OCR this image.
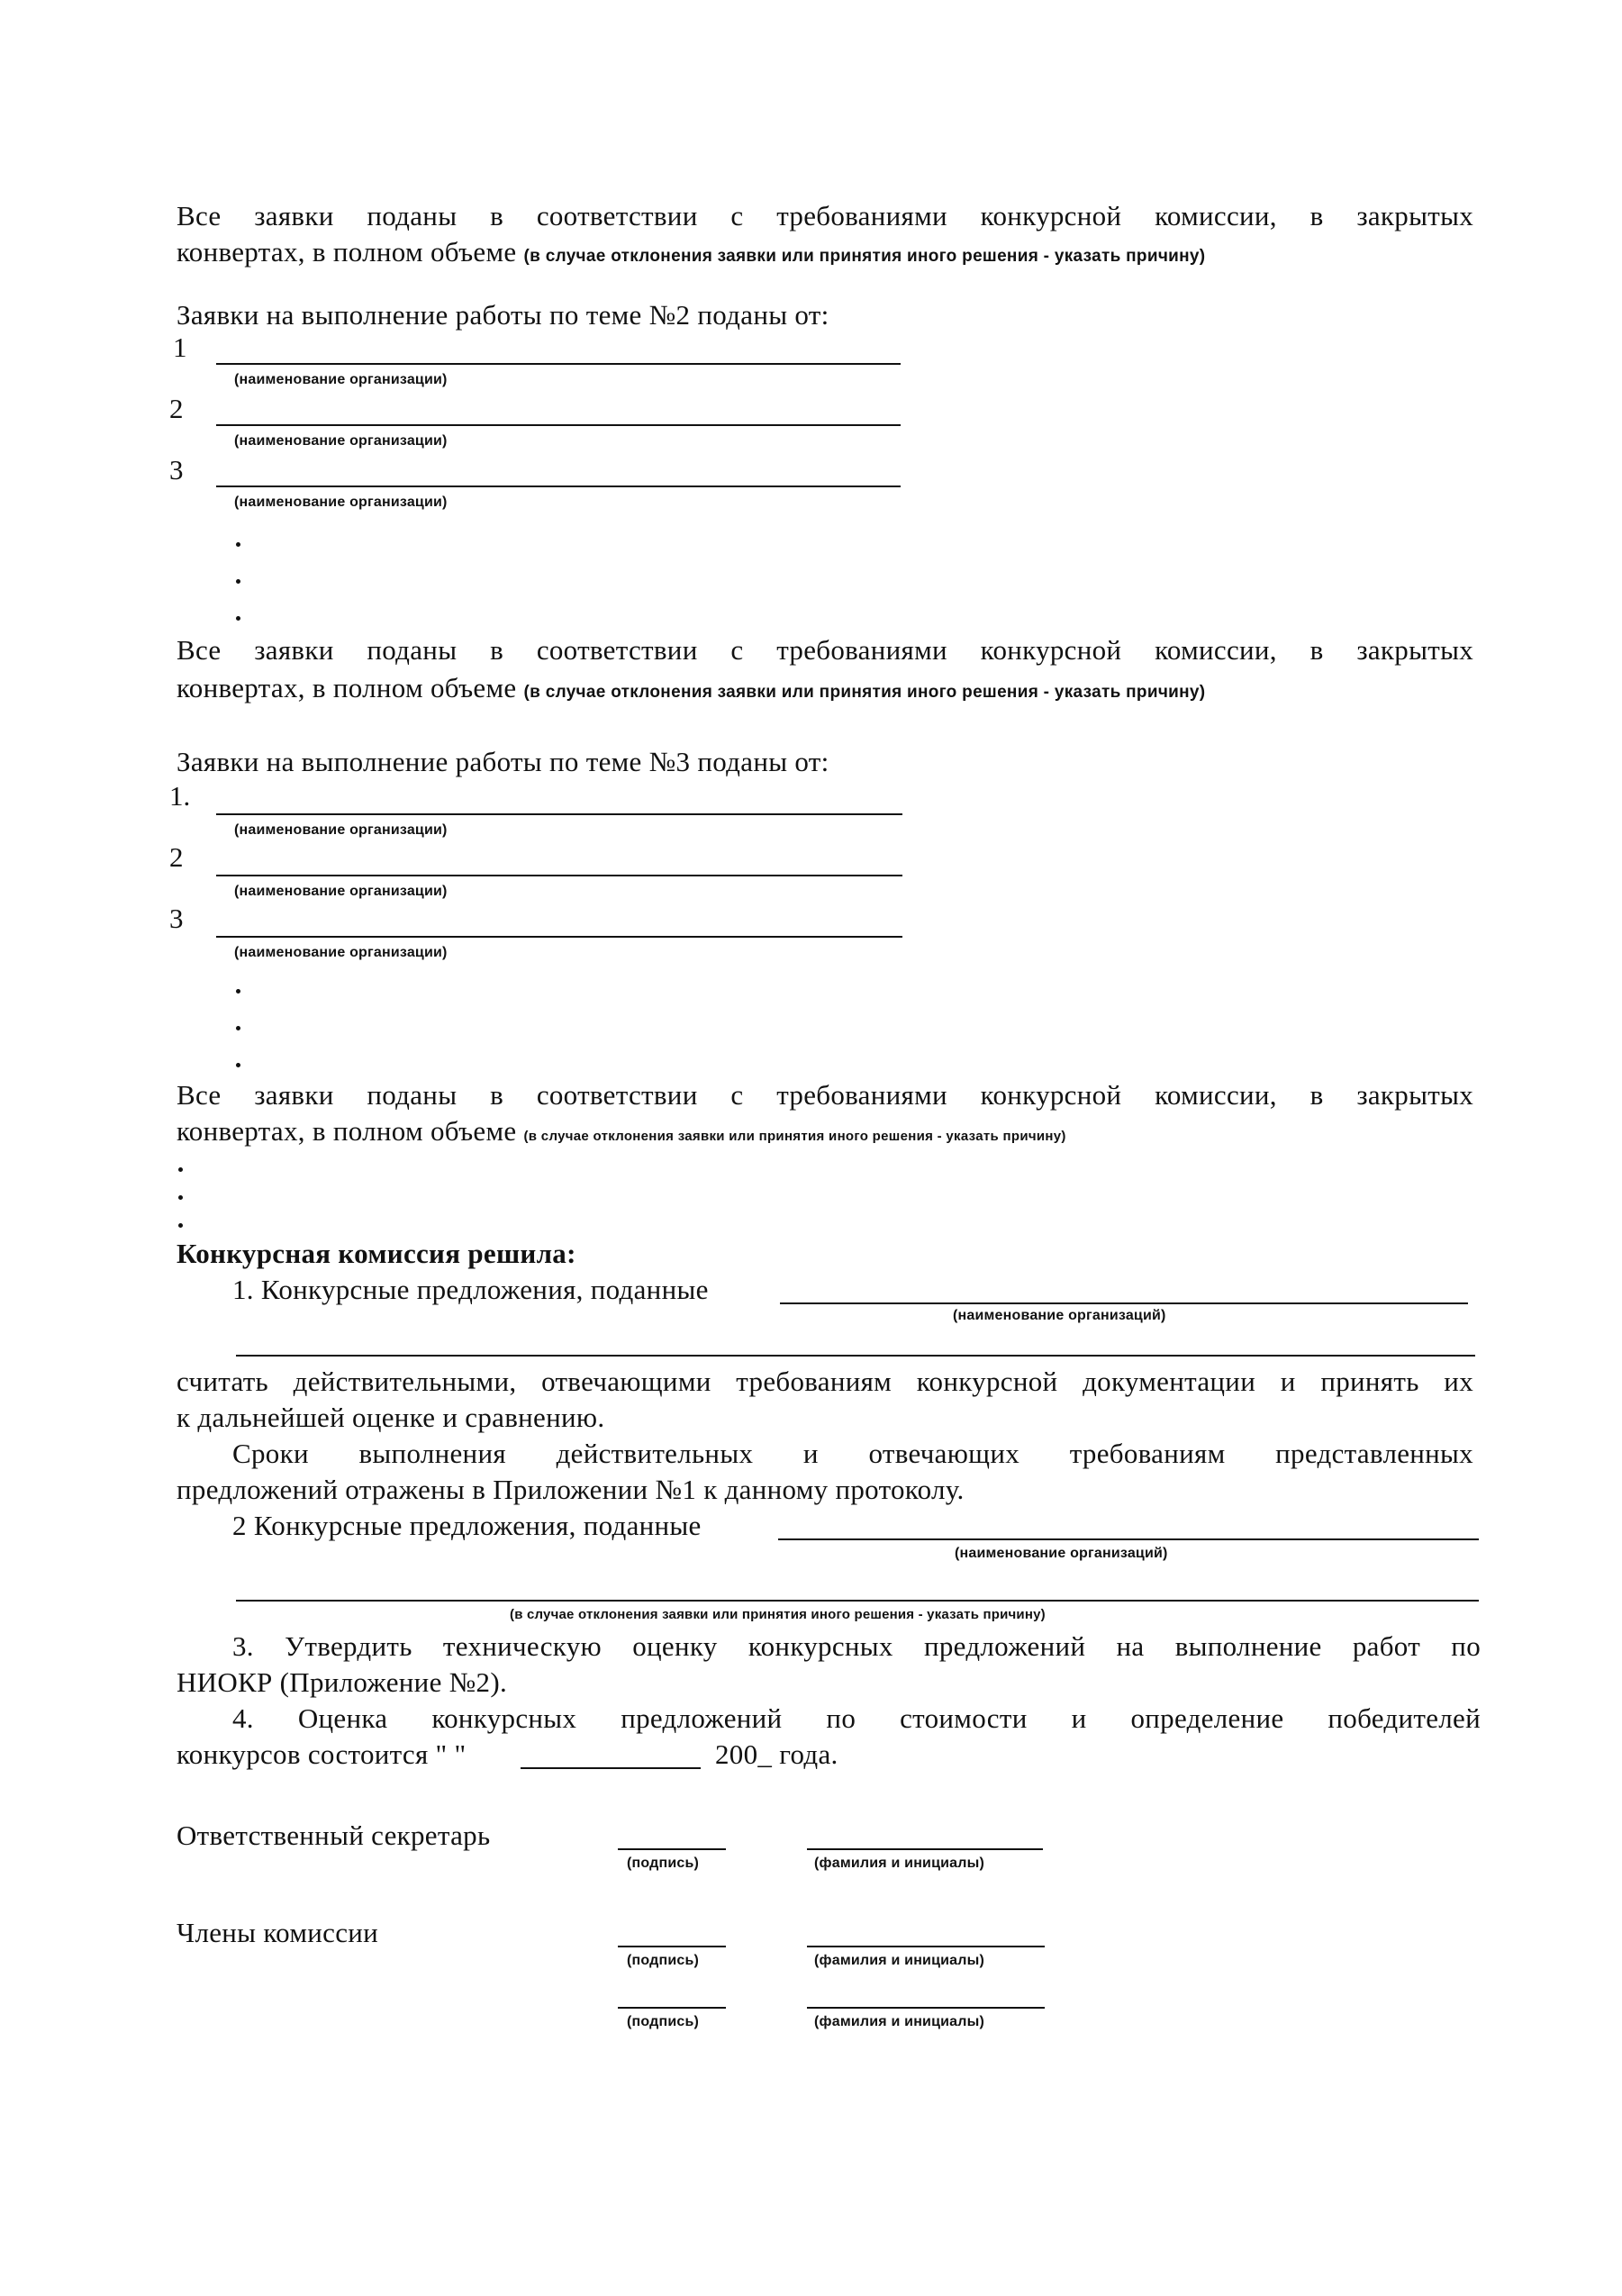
Все заявки поданы в соответствии с требованиями конкурсной комиссии, в закрытых
конвертах, в полном объеме (в случае отклонения заявки или принятия иного решения - указать причину)
Заявки на выполнение работы по теме №2 поданы от:
1
(наименование организации)
2
(наименование организации)
3
(наименование организации)
Все заявки поданы в соответствии с требованиями конкурсной комиссии, в закрытых
конвертах, в полном объеме (в случае отклонения заявки или принятия иного решения - указать причину)
Заявки на выполнение работы по теме №3 поданы от:
1.
(наименование организации)
2
(наименование организации)
3
(наименование организации)
Все заявки поданы в соответствии с требованиями конкурсной комиссии, в закрытых
конвертах, в полном объеме (в случае отклонения заявки или принятия иного решения - указать причину)
Конкурсная комиссия решила:
1. Конкурсные предложения, поданные
(наименование организаций)
считать действительными, отвечающими требованиям конкурсной документации и принять их
к дальнейшей оценке и сравнению.
Сроки выполнения действительных и отвечающих требованиям представленных
предложений отражены в Приложении №1 к данному протоколу.
2 Конкурсные предложения, поданные
(наименование организаций)
(в случае отклонения заявки или принятия иного решения - указать причину)
3. Утвердить техническую оценку конкурсных предложений на выполнение работ по
НИОКР (Приложение №2).
4. Оценка конкурсных предложений по стоимости и определение победителей
конкурсов состоится " "	200_ года.
Ответственный секретарь
(подпись)	(фамилия и инициалы)
Члены комиссии
(подпись)	(фамилия и инициалы)
(подпись)	(фамилия и инициалы)
